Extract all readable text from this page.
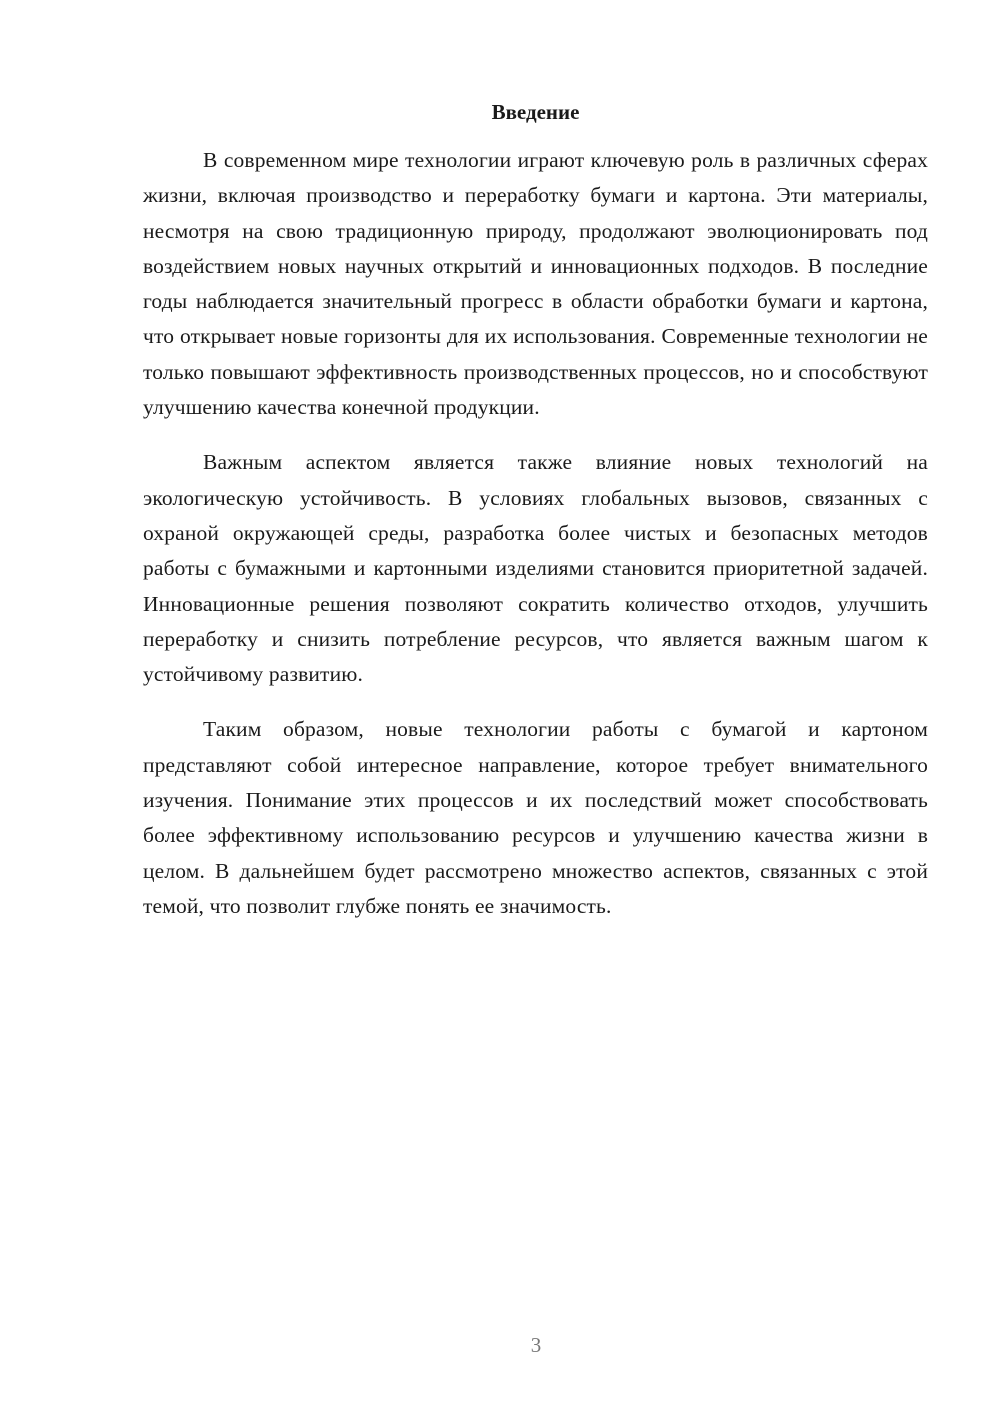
Введение

В современном мире технологии играют ключевую роль в различных сферах жизни, включая производство и переработку бумаги и картона. Эти материалы, несмотря на свою традиционную природу, продолжают эволюционировать под воздействием новых научных открытий и инновационных подходов. В последние годы наблюдается значительный прогресс в области обработки бумаги и картона, что открывает новые горизонты для их использования. Современные технологии не только повышают эффективность производственных процессов, но и способствуют улучшению качества конечной продукции.

Важным аспектом является также влияние новых технологий на экологическую устойчивость. В условиях глобальных вызовов, связанных с охраной окружающей среды, разработка более чистых и безопасных методов работы с бумажными и картонными изделиями становится приоритетной задачей. Инновационные решения позволяют сократить количество отходов, улучшить переработку и снизить потребление ресурсов, что является важным шагом к устойчивому развитию.

Таким образом, новые технологии работы с бумагой и картоном представляют собой интересное направление, которое требует внимательного изучения. Понимание этих процессов и их последствий может способствовать более эффективному использованию ресурсов и улучшению качества жизни в целом. В дальнейшем будет рассмотрено множество аспектов, связанных с этой темой, что позволит глубже понять ее значимость.

3
